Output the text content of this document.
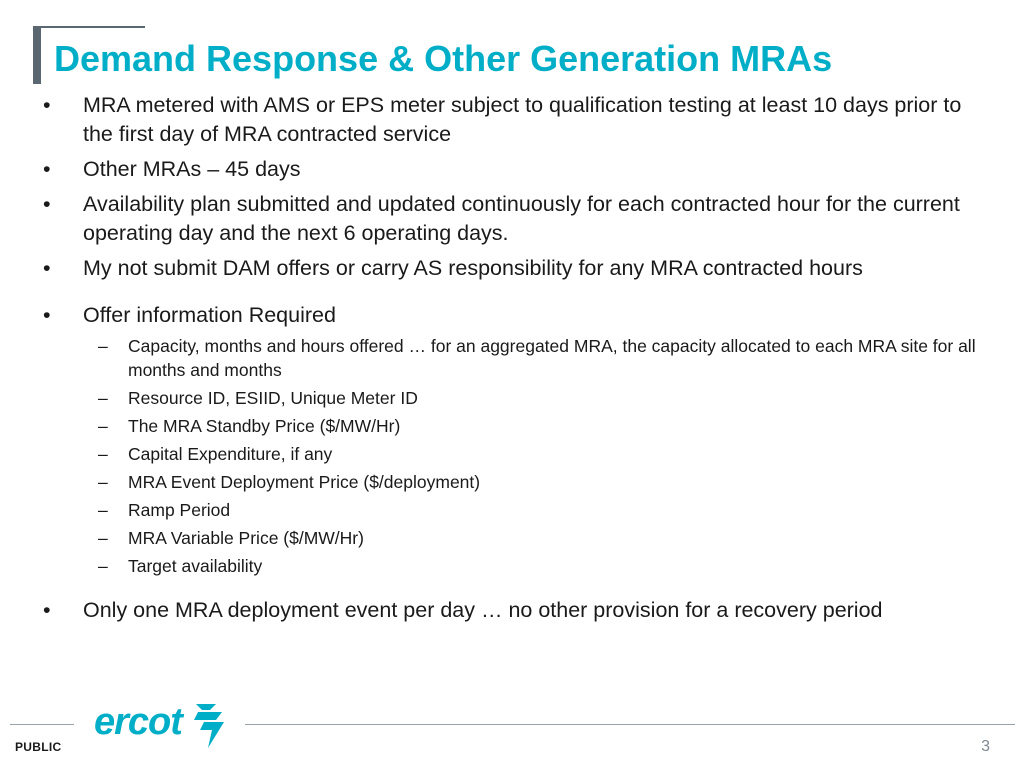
Demand Response & Other Generation MRAs
• MRA metered with AMS or EPS meter subject to qualification testing at least 10 days prior to the first day of MRA contracted service
• Other MRAs – 45 days
• Availability plan submitted and updated continuously for each contracted hour for the current operating day and the next 6 operating days.
• My not submit DAM offers or carry AS responsibility for any MRA contracted hours
• Offer information Required
– Capacity, months and hours offered … for an aggregated MRA, the capacity allocated to each MRA site for all months and months
– Resource ID, ESIID, Unique Meter ID
– The MRA Standby Price ($/MW/Hr)
– Capital Expenditure, if any
– MRA Event Deployment Price ($/deployment)
– Ramp Period
– MRA Variable Price ($/MW/Hr)
– Target availability
• Only one MRA deployment event per day … no other provision for a recovery period
ercot
PUBLIC	3
